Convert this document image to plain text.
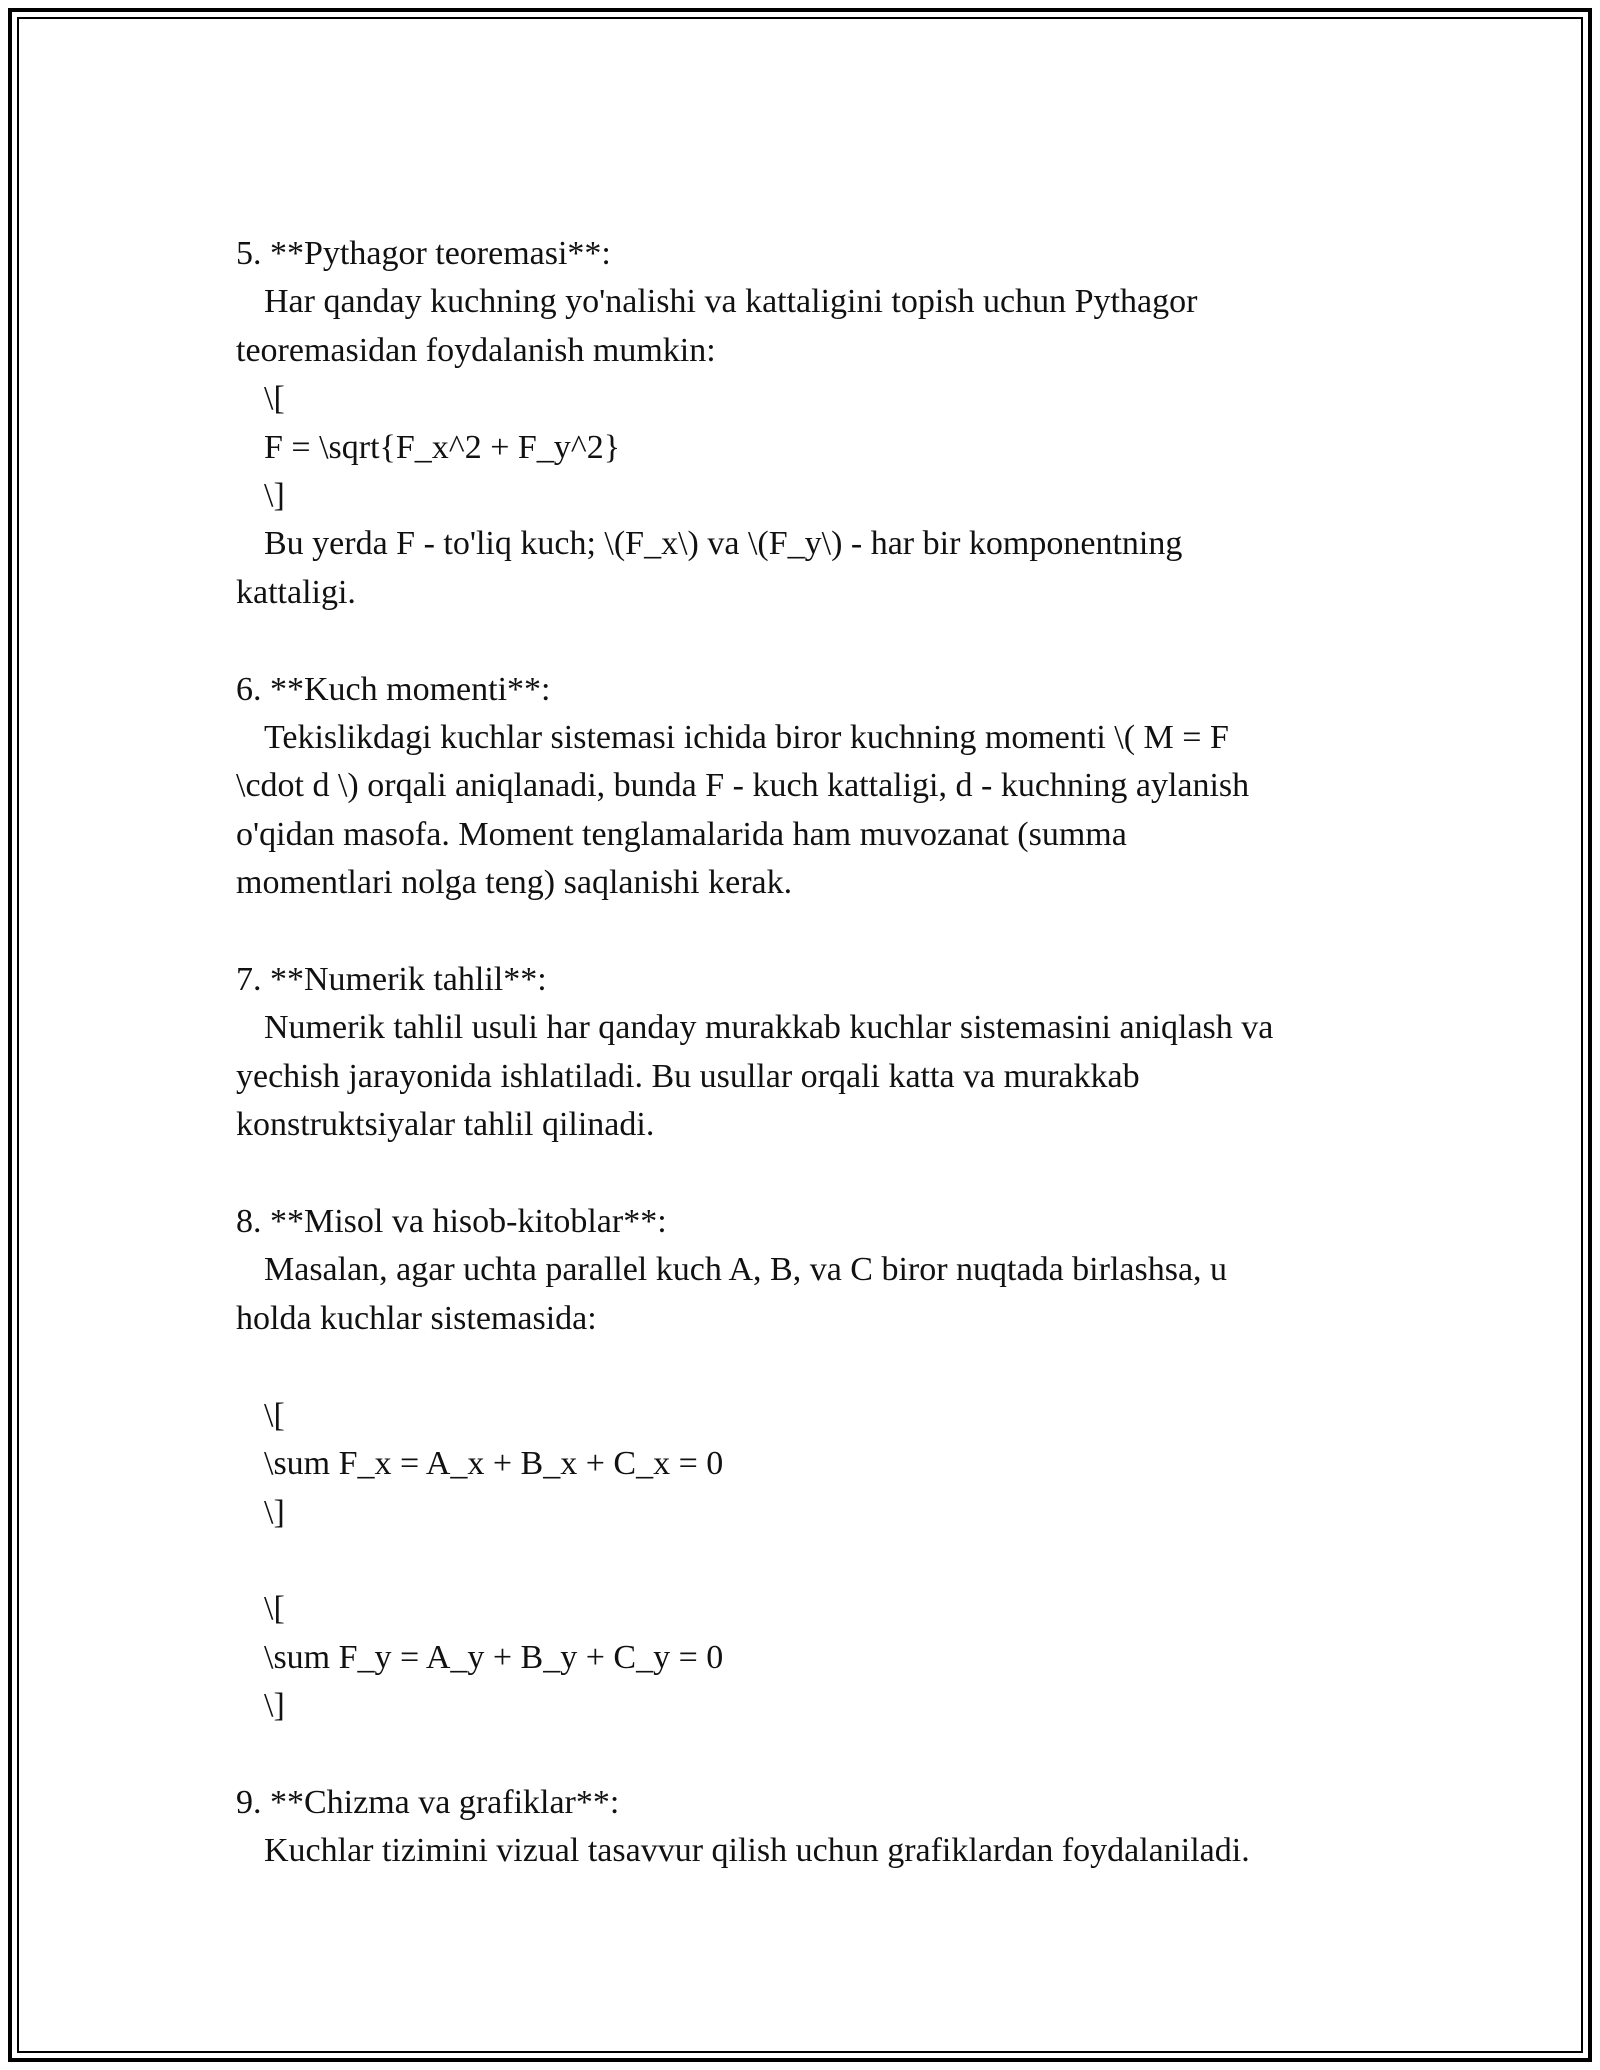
5. **Pythagor teoremasi**:

Har qanday kuchning yo'nalishi va kattaligini topish uchun Pythagor

teoremasidan foydalanish mumkin:

\[

F = \sqrt{F_x^2 + F_y^2}

\]

Bu yerda F - to'liq kuch; \(F_x\) va \(F_y\) - har bir komponentning

kattaligi.

6. **Kuch momenti**:

Tekislikdagi kuchlar sistemasi ichida biror kuchning momenti \( M = F

\cdot d \) orqali aniqlanadi, bunda F - kuch kattaligi, d - kuchning aylanish

o'qidan masofa. Moment tenglamalarida ham muvozanat (summa

momentlari nolga teng) saqlanishi kerak.

7. **Numerik tahlil**:

Numerik tahlil usuli har qanday murakkab kuchlar sistemasini aniqlash va

yechish jarayonida ishlatiladi. Bu usullar orqali katta va murakkab

konstruktsiyalar tahlil qilinadi.

8. **Misol va hisob-kitoblar**:

Masalan, agar uchta parallel kuch A, B, va C biror nuqtada birlashsa, u

holda kuchlar sistemasida:

\[

\sum F_x = A_x + B_x + C_x = 0

\]

\[

\sum F_y = A_y + B_y + C_y = 0

\]

9. **Chizma va grafiklar**:

Kuchlar tizimini vizual tasavvur qilish uchun grafiklardan foydalaniladi.
